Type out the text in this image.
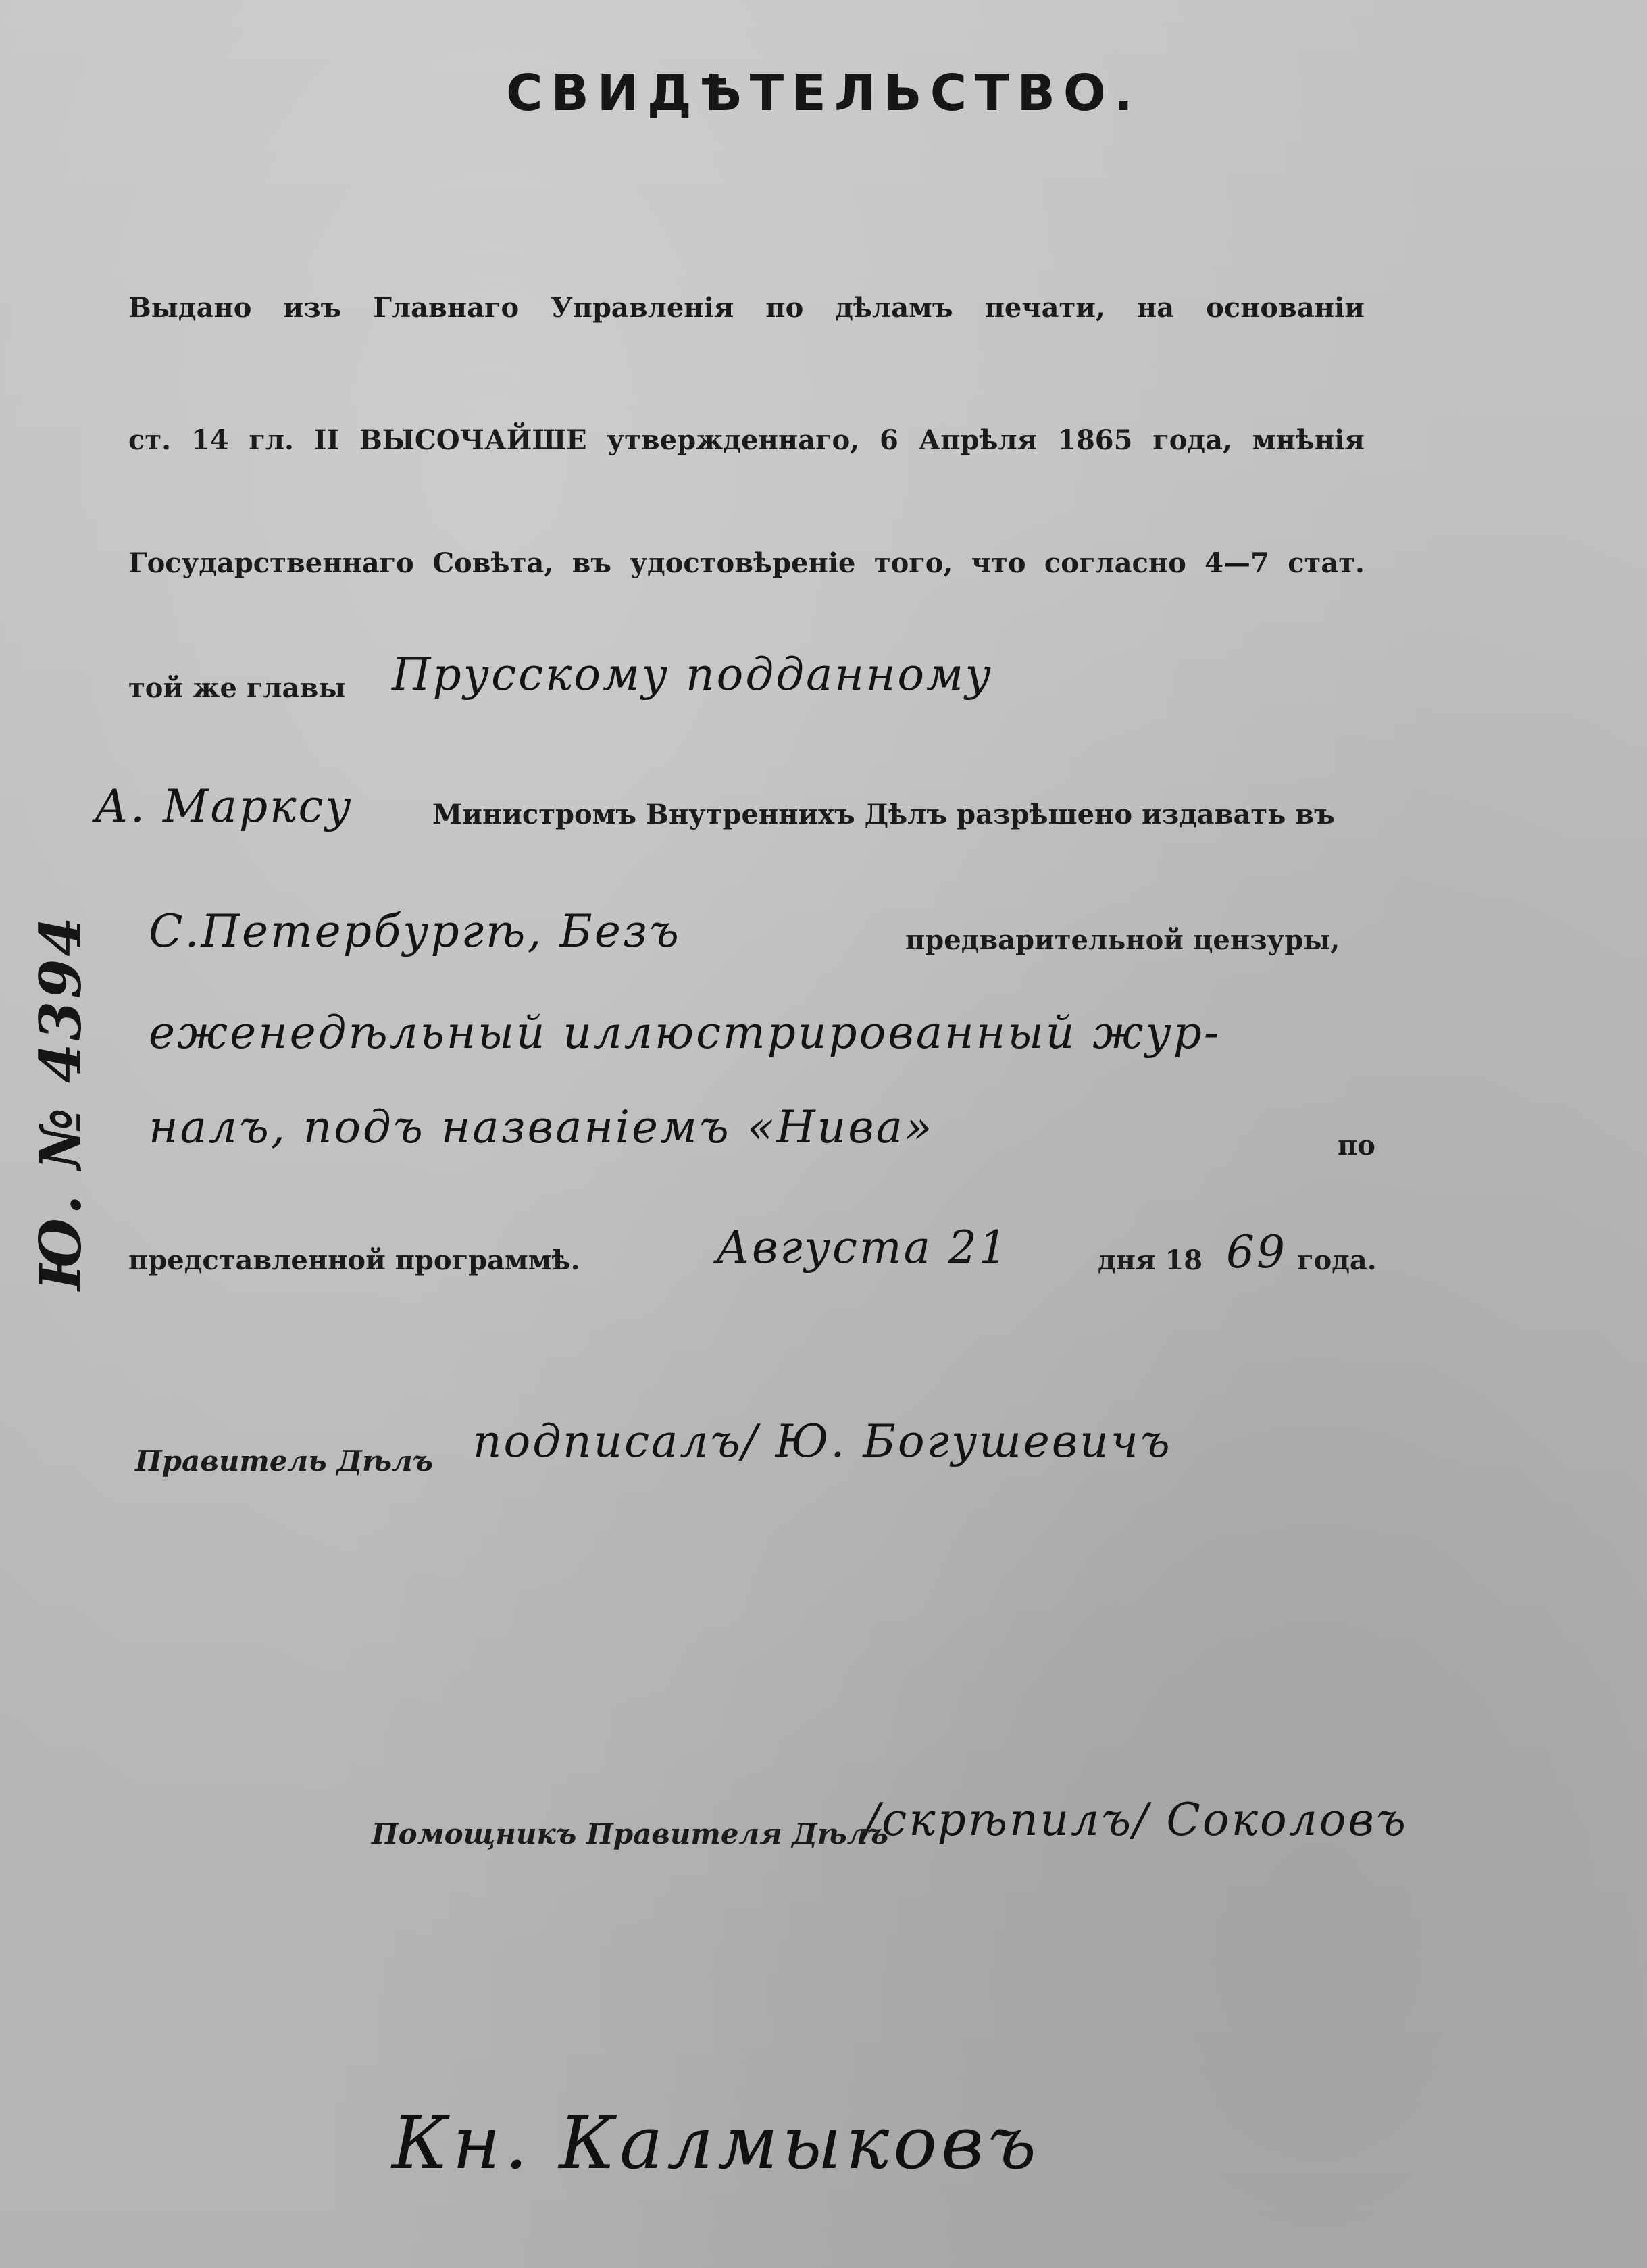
СВИДѢТЕЛЬСТВО.
Выдано изъ Главнаго Управленія по дѣламъ печати, на основаніи
ст. 14 гл. II ВЫСОЧАЙШЕ утвержденнаго, 6 Апрѣля 1865 года, мнѣнія
Государственнаго Совѣта, въ удостовѣреніе того, что согласно 4—7 стат.
той же главы Прусскому подданному
А. Марксу	Министромъ Внутреннихъ Дѣлъ разрѣшено издавать въ
С.Петербургѣ, Безъ	предварительной цензуры,
еженедѣльный иллюстрированный жур-
налъ, подъ названіемъ «Нива»	по
представленной программѣ.	Августа 21	дня 18 69 года.
Правитель Дѣлъ подписалъ/ Ю. Богушевичъ
Помощникъ Правителя Дѣлъ
/скрѣпилъ/ Соколовъ
Кн. Калмыковъ
Ю. № 4394
